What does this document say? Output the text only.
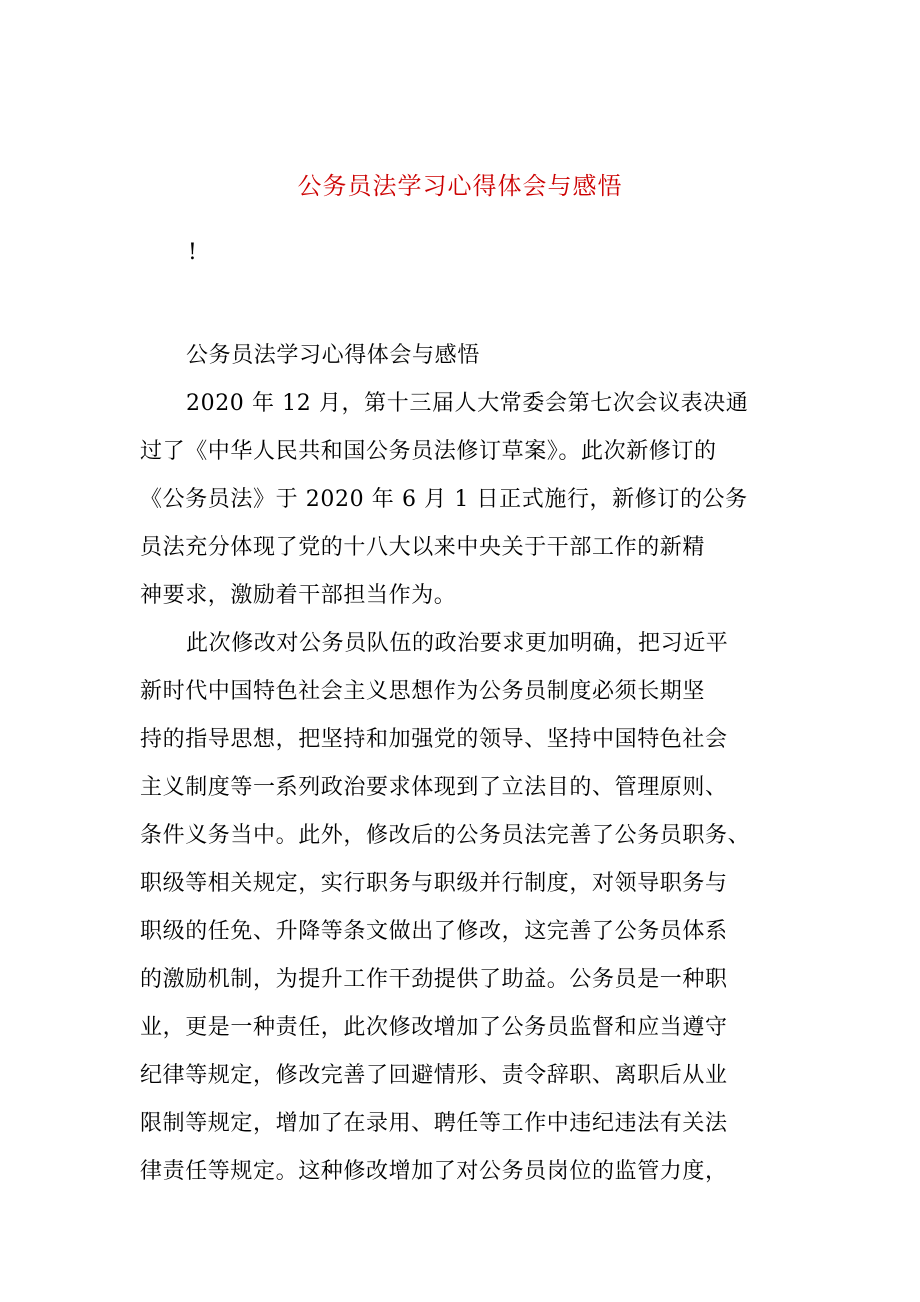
公务员法学习心得体会与感悟
!
公务员法学习心得体会与感悟
2020 年 12 月，第十三届人大常委会第七次会议表决通
过了《中华人民共和国公务员法修订草案》。此次新修订的
《公务员法》于 2020 年 6 月 1 日正式施行，新修订的公务
员法充分体现了党的十八大以来中央关于干部工作的新精
神要求，激励着干部担当作为。
此次修改对公务员队伍的政治要求更加明确，把习近平
新时代中国特色社会主义思想作为公务员制度必须长期坚
持的指导思想，把坚持和加强党的领导、坚持中国特色社会
主义制度等一系列政治要求体现到了立法目的、管理原则、
条件义务当中。此外，修改后的公务员法完善了公务员职务、
职级等相关规定，实行职务与职级并行制度，对领导职务与
职级的任免、升降等条文做出了修改，这完善了公务员体系
的激励机制，为提升工作干劲提供了助益。公务员是一种职
业，更是一种责任，此次修改增加了公务员监督和应当遵守
纪律等规定，修改完善了回避情形、责令辞职、离职后从业
限制等规定，增加了在录用、聘任等工作中违纪违法有关法
律责任等规定。这种修改增加了对公务员岗位的监管力度，
